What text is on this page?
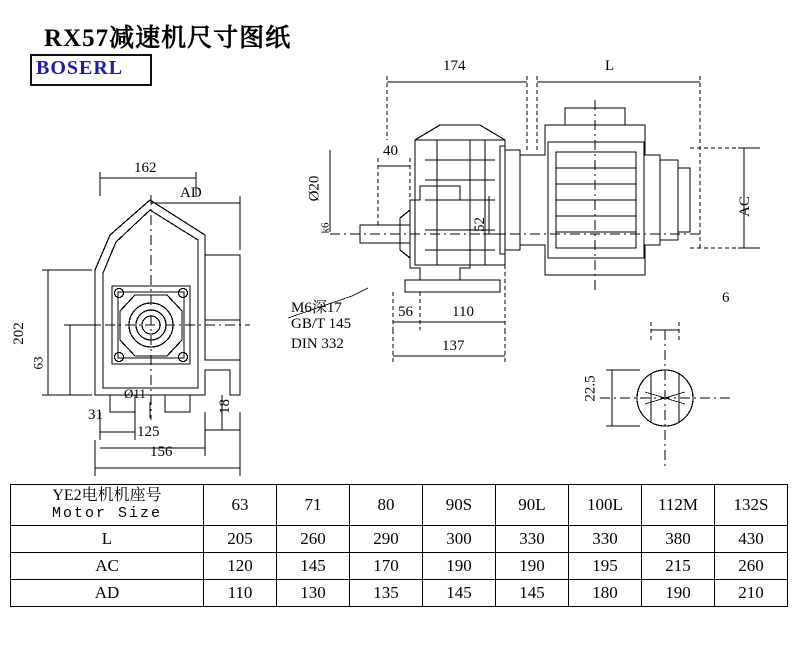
RX57减速机尺寸图纸
BOSERL
162
AD
202
63
Ø11
31
125
156
18
174	L
40
Ø20
k6	52
AC
56	110
137
M6深17
GB/T 145
DIN 332
6
22.5
YE2电机机座号
Motor Size	63	71	80	90S	90L	100L	112M	132S
L	205	260	290	300	330	330	380	430
AC	120	145	170	190	190	195	215	260
AD	110	130	135	145	145	180	190	210
